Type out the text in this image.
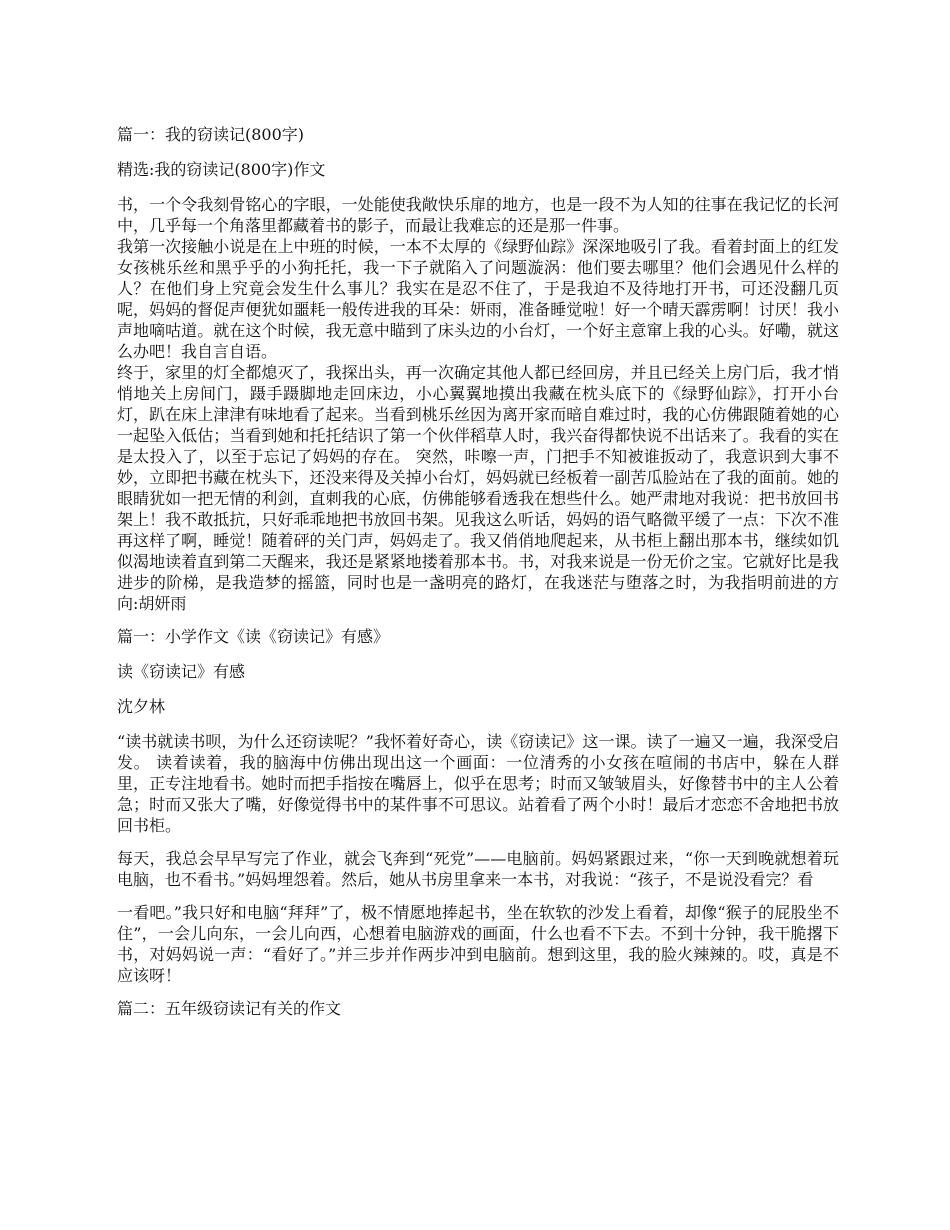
篇一：我的窃读记(800字)

精选:我的窃读记(800字)作文

书，一个令我刻骨铭心的字眼，一处能使我敞快乐扉的地方，也是一段不为人知的往事在我记忆的长河中，几乎每一个角落里都藏着书的影子，而最让我难忘的还是那一件事。

我第一次接触小说是在上中班的时候，一本不太厚的《绿野仙踪》深深地吸引了我。看着封面上的红发女孩桃乐丝和黑乎乎的小狗托托，我一下子就陷入了问题漩涡：他们要去哪里？他们会遇见什么样的人？在他们身上究竟会发生什么事儿？我实在是忍不住了，于是我迫不及待地打开书，可还没翻几页呢，妈妈的督促声便犹如噩耗一般传进我的耳朵：妍雨，准备睡觉啦！好一个晴天霹雳啊！讨厌！我小声地嘀咕道。就在这个时候，我无意中瞄到了床头边的小台灯，一个好主意窜上我的心头。好嘞，就这么办吧！我自言自语。

终于，家里的灯全都熄灭了，我探出头，再一次确定其他人都已经回房，并且已经关上房门后，我才悄悄地关上房间门，蹑手蹑脚地走回床边，小心翼翼地摸出我藏在枕头底下的《绿野仙踪》，打开小台灯，趴在床上津津有味地看了起来。当看到桃乐丝因为离开家而暗自难过时，我的心仿佛跟随着她的心一起坠入低估；当看到她和托托结识了第一个伙伴稻草人时，我兴奋得都快说不出话来了。我看的实在是太投入了，以至于忘记了妈妈的存在。 突然，咔嚓一声，门把手不知被谁扳动了，我意识到大事不妙，立即把书藏在枕头下，还没来得及关掉小台灯，妈妈就已经板着一副苦瓜脸站在了我的面前。她的眼睛犹如一把无情的利剑，直刺我的心底，仿佛能够看透我在想些什么。她严肃地对我说：把书放回书架上！我不敢抵抗，只好乖乖地把书放回书架。见我这么听话，妈妈的语气略微平缓了一点：下次不准再这样了啊，睡觉！随着砰的关门声，妈妈走了。我又俏俏地爬起来，从书柜上翻出那本书，继续如饥似渴地读着直到第二天醒来，我还是紧紧地搂着那本书。书，对我来说是一份无价之宝。它就好比是我进步的阶梯，是我造梦的摇篮，同时也是一盏明亮的路灯，在我迷茫与堕落之时，为我指明前进的方向:胡妍雨

篇一：小学作文《读《窃读记》有感》

读《窃读记》有感

沈夕林

“读书就读书呗，为什么还窃读呢？”我怀着好奇心，读《窃读记》这一课。读了一遍又一遍，我深受启发。 读着读着，我的脑海中仿佛出现出这一个画面：一位清秀的小女孩在喧闹的书店中，躲在人群里，正专注地看书。她时而把手指按在嘴唇上，似乎在思考；时而又皱皱眉头，好像替书中的主人公着急；时而又张大了嘴，好像觉得书中的某件事不可思议。站着看了两个小时！最后才恋恋不舍地把书放回书柜。

每天，我总会早早写完了作业，就会飞奔到“死党”——电脑前。妈妈紧跟过来，“你一天到晚就想着玩电脑，也不看书。”妈妈埋怨着。然后，她从书房里拿来一本书，对我说：“孩子，不是说没看完？看

一看吧。”我只好和电脑“拜拜”了，极不情愿地捧起书，坐在软软的沙发上看着，却像“猴子的屁股坐不住”，一会儿向东，一会儿向西，心想着电脑游戏的画面，什么也看不下去。不到十分钟，我干脆撂下书，对妈妈说一声：“看好了。”并三步并作两步冲到电脑前。想到这里，我的脸火辣辣的。哎，真是不应该呀！

篇二：五年级窃读记有关的作文
